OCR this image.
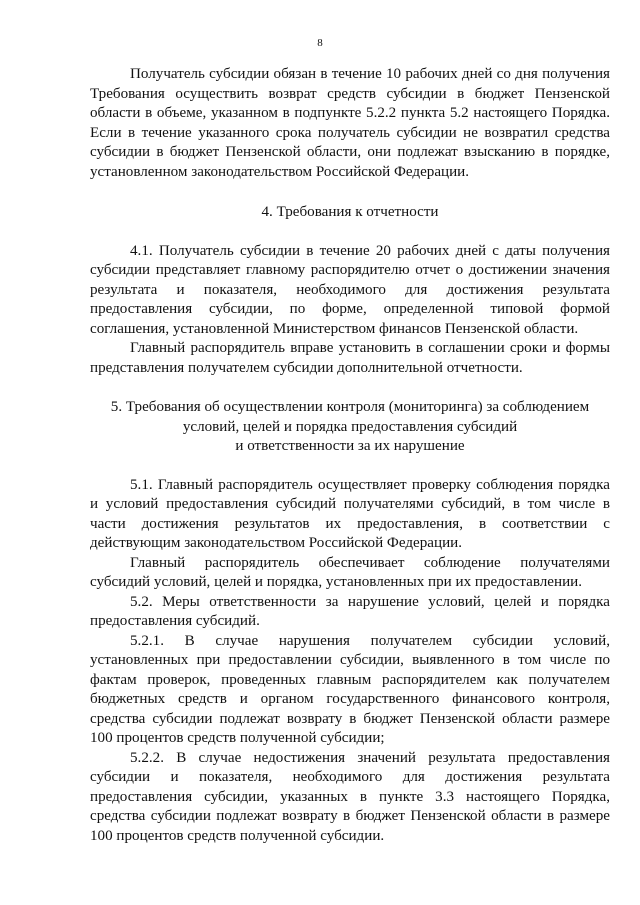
8

Получатель субсидии обязан в течение 10 рабочих дней со дня получения Требования осуществить возврат средств субсидии в бюджет Пензенской области в объеме, указанном в подпункте 5.2.2 пункта 5.2 настоящего Порядка. Если в течение указанного срока получатель субсидии не возвратил средства субсидии в бюджет Пензенской области, они подлежат взысканию в порядке, установленном законодательством Российской Федерации.

4. Требования к отчетности

4.1. Получатель субсидии в течение 20 рабочих дней с даты получения субсидии представляет главному распорядителю отчет о достижении значения результата и показателя, необходимого для достижения результата предоставления субсидии, по форме, определенной типовой формой соглашения, установленной Министерством финансов Пензенской области.

Главный распорядитель вправе установить в соглашении сроки и формы представления получателем субсидии дополнительной отчетности.

5. Требования об осуществлении контроля (мониторинга) за соблюдением
условий, целей и порядка предоставления субсидий
и ответственности за их нарушение

5.1. Главный распорядитель осуществляет проверку соблюдения порядка и условий предоставления субсидий получателями субсидий, в том числе в части достижения результатов их предоставления, в соответствии с действующим законодательством Российской Федерации.

Главный распорядитель обеспечивает соблюдение получателями субсидий условий, целей и порядка, установленных при их предоставлении.

5.2. Меры ответственности за нарушение условий, целей и порядка предоставления субсидий.

5.2.1. В случае нарушения получателем субсидии условий, установленных при предоставлении субсидии, выявленного в том числе по фактам проверок, проведенных главным распорядителем как получателем бюджетных средств и органом государственного финансового контроля, средства субсидии подлежат возврату в бюджет Пензенской области размере 100 процентов средств полученной субсидии;

5.2.2. В случае недостижения значений результата предоставления субсидии и показателя, необходимого для достижения результата предоставления субсидии, указанных в пункте 3.3 настоящего Порядка, средства субсидии подлежат возврату в бюджет Пензенской области в размере 100 процентов средств полученной субсидии.
